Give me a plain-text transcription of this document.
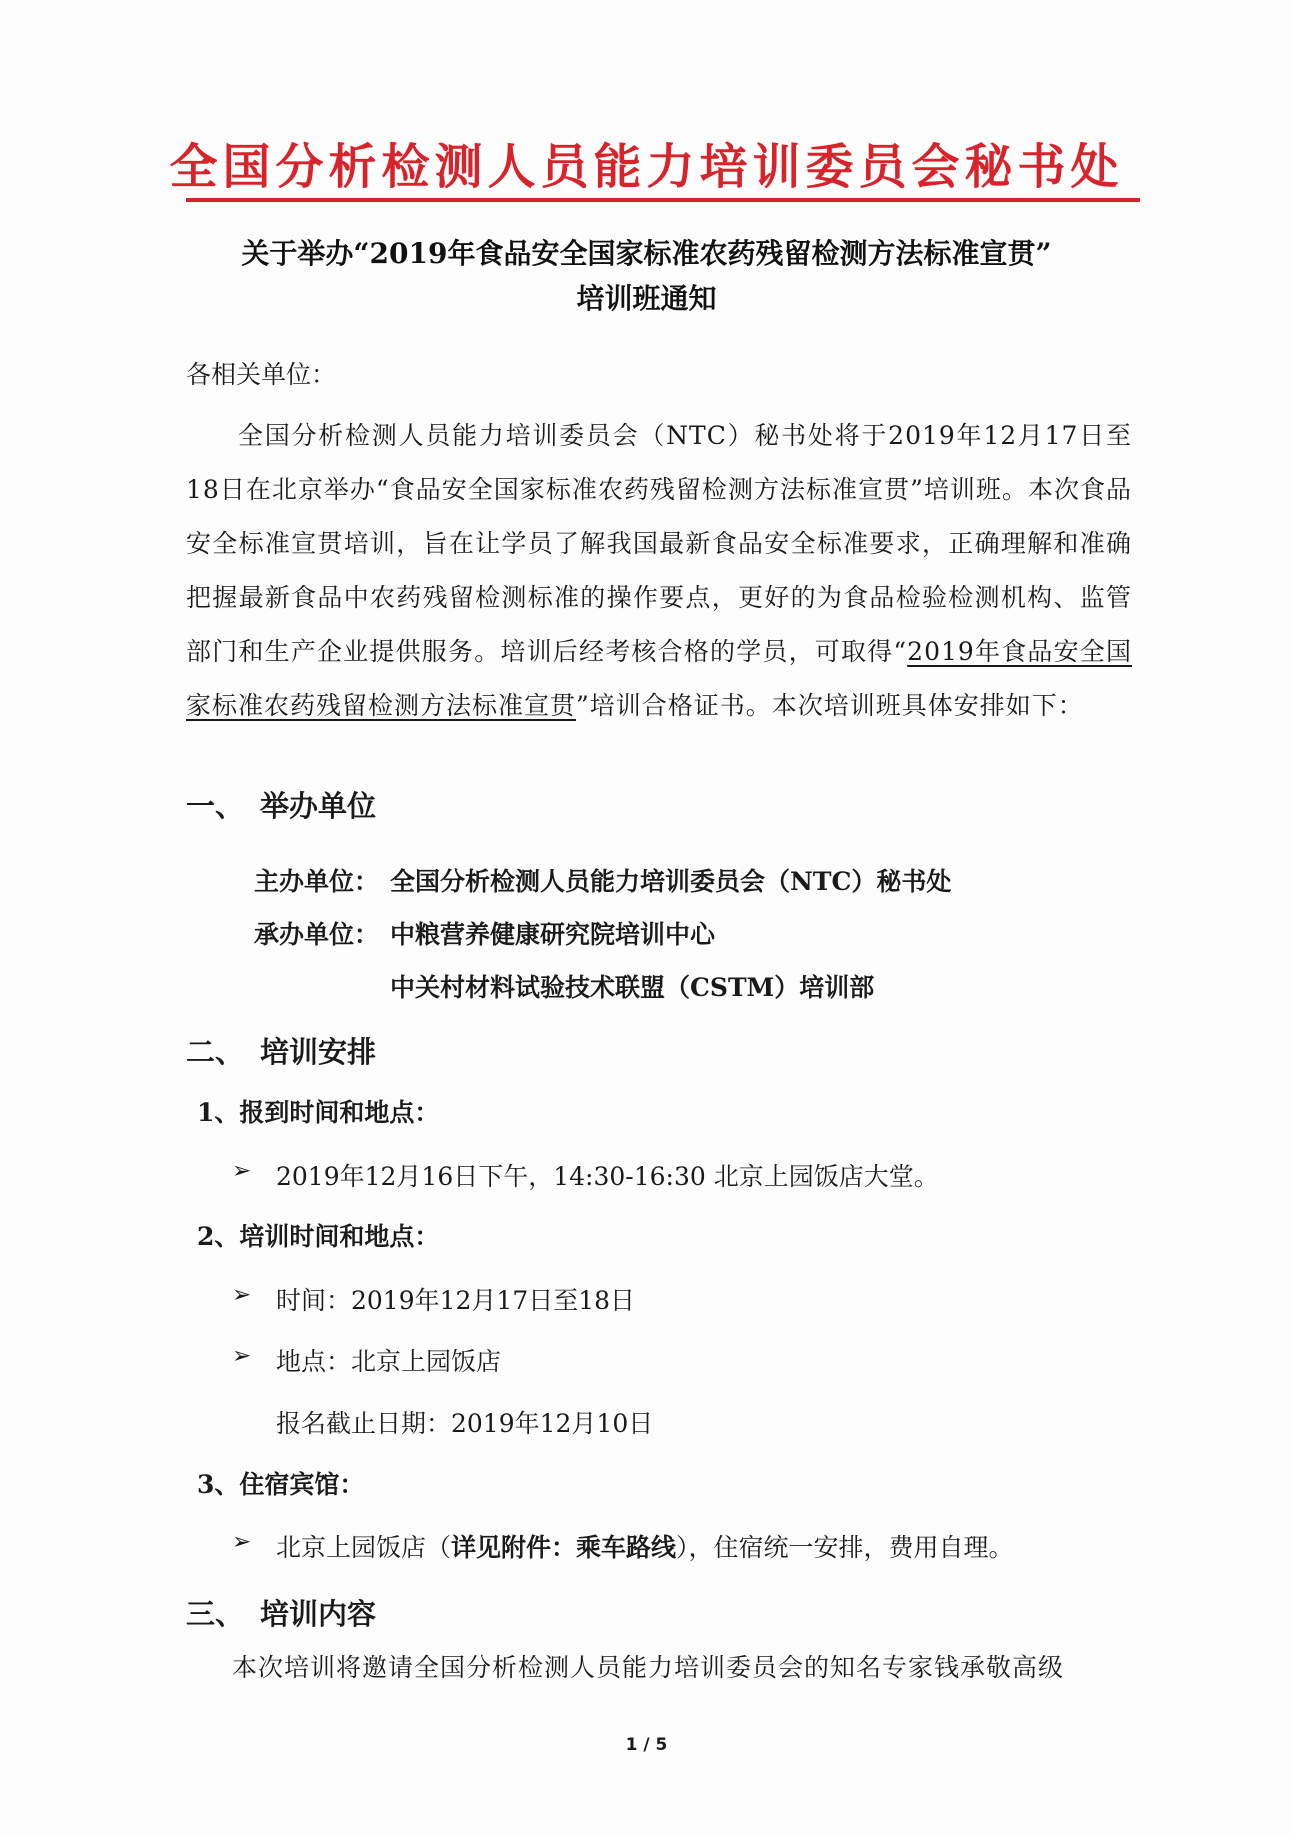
全国分析检测人员能力培训委员会秘书处
关于举办“2019年食品安全国家标准农药残留检测方法标准宣贯”
培训班通知
各相关单位：
全国分析检测人员能力培训委员会（NTC）秘书处将于2019年12月17日至18日在北京举办“食品安全国家标准农药残留检测方法标准宣贯”培训班。本次食品安全标准宣贯培训，旨在让学员了解我国最新食品安全标准要求，正确理解和准确把握最新食品中农药残留检测标准的操作要点，更好的为食品检验检测机构、监管部门和生产企业提供服务。培训后经考核合格的学员，可取得“2019年食品安全国家标准农药残留检测方法标准宣贯”培训合格证书。本次培训班具体安排如下：
一、 举办单位
主办单位： 全国分析检测人员能力培训委员会（NTC）秘书处
承办单位： 中粮营养健康研究院培训中心
中关村材料试验技术联盟（CSTM）培训部
二、 培训安排
1、报到时间和地点：
➢ 2019年12月16日下午，14:30-16:30 北京上园饭店大堂。
2、培训时间和地点：
➢ 时间：2019年12月17日至18日
➢ 地点：北京上园饭店
报名截止日期：2019年12月10日
3、住宿宾馆：
➢ 北京上园饭店（详见附件：乘车路线），住宿统一安排，费用自理。
三、 培训内容
本次培训将邀请全国分析检测人员能力培训委员会的知名专家钱承敬高级
1 / 5
